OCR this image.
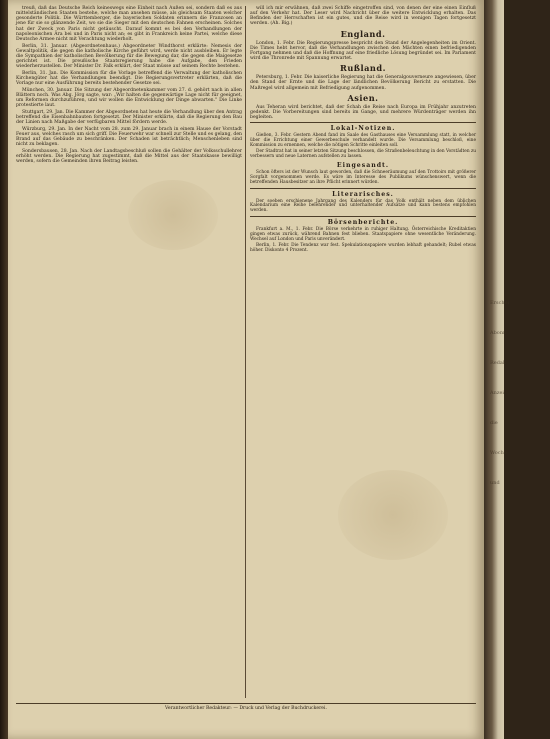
treuß, daß das Deutsche Reich keineswegs eine Einheit nach Außen sei, sondern daß es aus mittelständischen Staaten bestehe, welche man ansehen müsse, als gleichsam Staaten welcher gesonderte Politik. Die Württemberger, die bayerischen Soldaten erinnern die Franzosen an jene für sie so glänzende Zeit, wo sie die Sieger mit den deutschen Fahnen erscheinen. Solches hat der Zweck von Paris nicht getäuscht. Darauf kommt es bei den Verhandlungen der napoleonischen Ära bei und in Paris nicht an; es gibt in Frankreich keine Partei, welche diese Deutsche Armee nicht mit Verachtung wiederholt.

Berlin, 31. Januar. (Abgeordnetenhaus.) Abgeordneter Windthorst erklärte: Nemesis der Gewaltpolitik, die gegen die katholische Kirche geführt wird, werde nicht ausbleiben. Er legte die Sympathien der katholischen Bevölkerung für die Bewegung dar, die gegen die Maigesetze gerichtet ist. Die preußische Staatsregierung habe die Aufgabe, den Frieden wiederherzustellen. Der Minister Dr. Falk erklärt, der Staat müsse auf seinem Rechte bestehen.

Berlin, 31. Jan. Die Kommission für die Vorlage betreffend die Verwaltung der katholischen Kirchengüter hat die Verhandlungen beendigt. Die Regierungsvertreter erklärten, daß die Vorlage nur eine Ausführung bereits bestehender Gesetze sei.

München, 30. Januar. Die Sitzung der Abgeordnetenkammer vom 27. d. gehört nach in allen Blättern noch. Was Abg. Jörg sagte, war: „Wir halten die gegenwärtige Lage nicht für geeignet, um Reformen durchzuführen, und wir wollen die Entwicklung der Dinge abwarten." Die Linke protestierte laut.

Stuttgart, 29. Jan. Die Kammer der Abgeordneten hat heute die Verhandlung über den Antrag betreffend die Eisenbahnbauten fortgesetzt. Der Minister erklärte, daß die Regierung den Bau der Linien nach Maßgabe der verfügbaren Mittel fördern werde.

Würzburg, 29. Jan. In der Nacht vom 28. zum 29. Januar brach in einem Hause der Vorstadt Feuer aus, welches rasch um sich griff. Die Feuerwehr war schnell zur Stelle und es gelang, den Brand auf das Gebäude zu beschränken. Der Schaden ist beträchtlich; Menschenleben sind nicht zu beklagen.

Sondersbausen, 28. Jan. Nach der Landtagsbeschluß sollen die Gehälter der Volksschullehrer erhöht werden. Die Regierung hat zugestimmt, daß die Mittel aus der Staatskasse bewilligt werden, sofern die Gemeinden ihren Beitrag leisten.

will ich mir erwähnen, daß zwei Schiffe eingetroffen sind, von denen der eine einen Einfluß auf den Verkehr hat. Der Leser wird Nachricht über die weitere Entwicklung erhalten. Das Befinden der Herrschaften ist ein gutes, und die Reise wird in wenigen Tagen fortgesetzt werden. (Ah. Big.)

England.

London, 1. Febr. Die Regierungspresse bespricht den Stand der Angelegenheiten im Orient. Die Times hebt hervor, daß die Verhandlungen zwischen den Mächten einen befriedigenden Fortgang nehmen und daß die Hoffnung auf eine friedliche Lösung begründet sei. Im Parlament wird die Thronrede mit Spannung erwartet.

Rußland.

Petersburg, 1. Febr. Die kaiserliche Regierung hat die Generalgouverneure angewiesen, über den Stand der Ernte und die Lage der ländlichen Bevölkerung Bericht zu erstatten. Die Maßregel wird allgemein mit Befriedigung aufgenommen.

Asien.

Aus Teheran wird berichtet, daß der Schah die Reise nach Europa im Frühjahr anzutreten gedenkt. Die Vorbereitungen sind bereits im Gange, und mehrere Würdenträger werden ihn begleiten.

Lokal-Notizen.

Gießen, 3. Febr. Gestern Abend fand im Saale des Gasthauses eine Versammlung statt, in welcher über die Errichtung einer Gewerbeschule verhandelt wurde. Die Versammlung beschloß, eine Kommission zu ernennen, welche die nötigen Schritte einleiten soll.

Der Stadtrat hat in seiner letzten Sitzung beschlossen, die Straßenbeleuchtung in den Vorstädten zu verbessern und neue Laternen aufstellen zu lassen.

Eingesandt.

Schon öfters ist der Wunsch laut geworden, daß die Schneeräumung auf den Trottoirs mit größerer Sorgfalt vorgenommen werde. Es wäre im Interesse des Publikums wünschenswert, wenn die betreffenden Hausbesitzer an ihre Pflicht erinnert würden.

Literarisches.

Der soeben erschienene Jahrgang des Kalenders für das Volk enthält neben dem üblichen Kalendarium eine Reihe belehrender und unterhaltender Aufsätze und kann bestens empfohlen werden.

Börsenberichte.

Frankfurt a. M., 1. Febr. Die Börse verkehrte in ruhiger Haltung. Österreichische Kreditaktien gingen etwas zurück, während Bahnen fest blieben. Staatspapiere ohne wesentliche Veränderung. Wechsel auf London und Paris unverändert.

Berlin, 1. Febr. Die Tendenz war fest. Spekulationspapiere wurden lebhaft gehandelt; Rubel etwas höher. Diskonto 4 Prozent.

Verantwortlicher Redakteur: — Druck und Verlag der Buchdruckerei.
Erschei
Abonn
Redak
Anzei
die
Woche
und
